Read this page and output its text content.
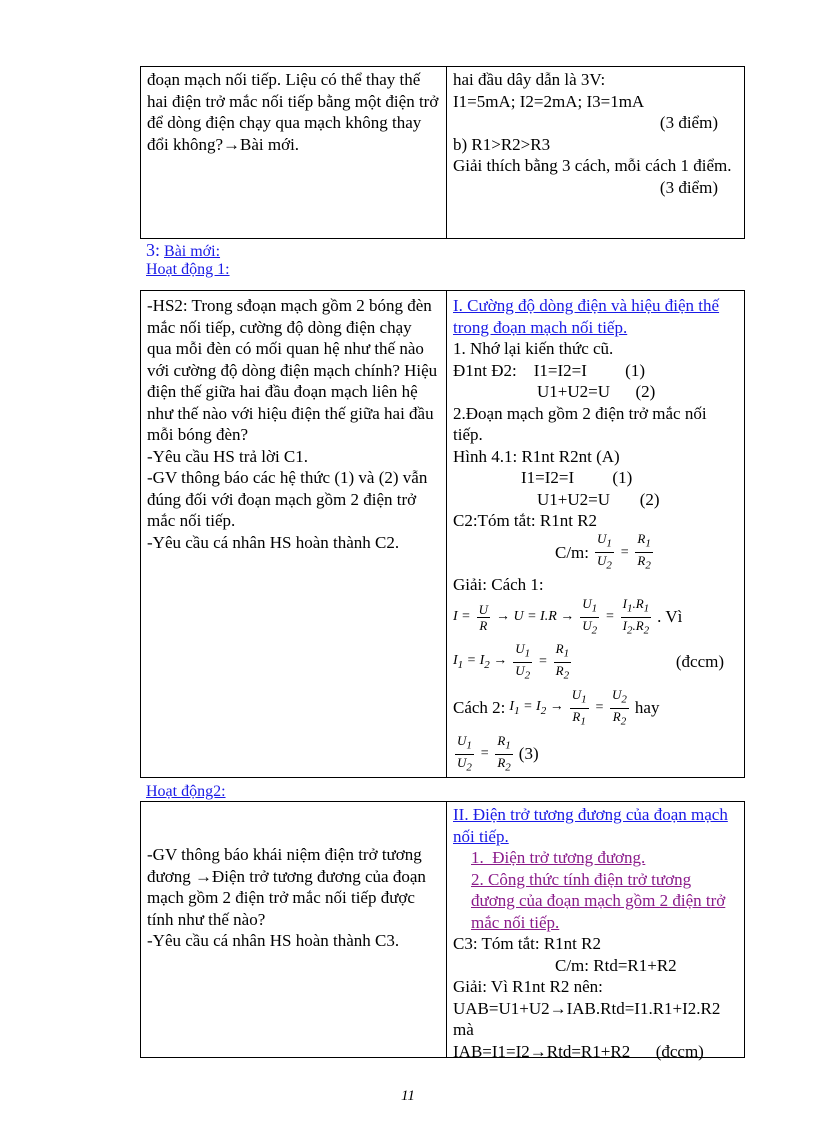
đoạn mạch nối tiếp. Liệu có thể thay thế hai điện trở mắc nối tiếp bằng một điện trở để dòng điện chạy qua mạch không thay đổi không?→Bài mới.
hai đầu dây dẫn là 3V:
I1=5mA; I2=2mA; I3=1mA
(3 điểm)
b) R1>R2>R3
Giải thích bằng 3 cách, mỗi cách 1 điểm.
(3 điểm)
3: Bài mới:
Hoạt động 1:
-HS2: Trong sđoạn mạch gồm 2 bóng đèn mắc nối tiếp, cường độ dòng điện chạy qua mỗi đèn có mối quan hệ như thế nào với cường độ dòng điện mạch chính? Hiệu điện thế giữa hai đầu đoạn mạch liên hệ như thế nào với hiệu điện thế giữa hai đầu mỗi bóng đèn?
-Yêu cầu HS trả lời C1.
-GV thông báo các hệ thức (1) và (2) vẫn đúng đối với đoạn mạch gồm 2 điện trở mắc nối tiếp.
-Yêu cầu cá nhân HS hoàn thành C2.
I. Cường độ dòng điện và hiệu điện thế trong đoạn mạch nối tiếp.
1. Nhớ lại kiến thức cũ.
Đ1nt Đ2:    I1=I2=I         (1)
U1+U2=U      (2)
2.Đoạn mạch gồm 2 điện trở mắc nối tiếp.
Hình 4.1: R1nt R2nt (A)
I1=I2=I         (1)
U1+U2=U       (2)
C2:Tóm tắt: R1nt R2
C/m: $\frac{U_1}{U_2} = \frac{R_1}{R_2}$
Giải: Cách 1:
$I = \frac{U}{R} \to U = I.R \to \frac{U_1}{U_2} = \frac{I_1.R_1}{I_2.R_2}$ . Vì
$I_1 = I_2 \to \frac{U_1}{U_2} = \frac{R_1}{R_2}$	(đccm)
Cách 2: $I_1 = I_2 \to \frac{U_1}{R_1} = \frac{U_2}{R_2}$ hay
$\frac{U_1}{U_2} = \frac{R_1}{R_2} (3)$
Hoạt động2:
-GV thông báo khái niệm điện trở tương đương →Điện trở tương đương của đoạn mạch gồm 2 điện trở mắc nối tiếp được tính như thế nào?
-Yêu cầu cá nhân HS hoàn thành C3.
II. Điện trở tương đương của đoạn mạch nối tiếp.
1.  Điện trở tương đương.
2. Công thức tính điện trở tương đương của đoạn mạch gồm 2 điện trở mắc nối tiếp.
C3: Tóm tắt: R1nt R2
C/m: Rtd=R1+R2
Giải: Vì R1nt R2 nên:
UAB=U1+U2→IAB.Rtd=I1.R1+I2.R2
mà
IAB=I1=I2→Rtd=R1+R2      (đccm)
11
